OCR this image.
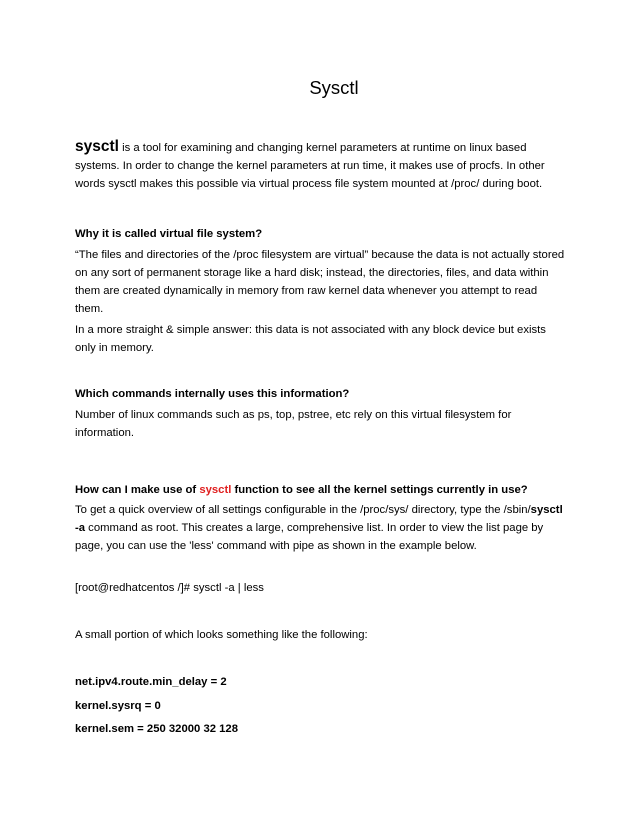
Sysctl
sysctl is a tool for examining and changing kernel parameters at runtime on linux based systems. In order to change the kernel parameters at run time, it makes use of procfs. In other words sysctl makes this possible via virtual process file system mounted at /proc/ during boot.
Why it is called virtual file system?
“The files and directories of the /proc filesystem are virtual” because the data is not actually stored on any sort of permanent storage like a hard disk; instead, the directories, files, and data within them are created dynamically in memory from raw kernel data whenever you attempt to read them.
In a more straight & simple answer: this data is not associated with any block device but exists only in memory.
Which commands internally uses this information?
Number of linux commands such as ps, top, pstree, etc rely on this virtual filesystem for information.
How can I make use of sysctl function to see all the kernel settings currently in use?
To get a quick overview of all settings configurable in the /proc/sys/ directory, type the /sbin/sysctl -a command as root. This creates a large, comprehensive list. In order to view the list page by page, you can use the 'less' command with pipe as shown in the example below.
[root@redhatcentos /]# sysctl -a | less
A small portion of which looks something like the following:
net.ipv4.route.min_delay = 2
kernel.sysrq = 0
kernel.sem = 250 32000 32 128
